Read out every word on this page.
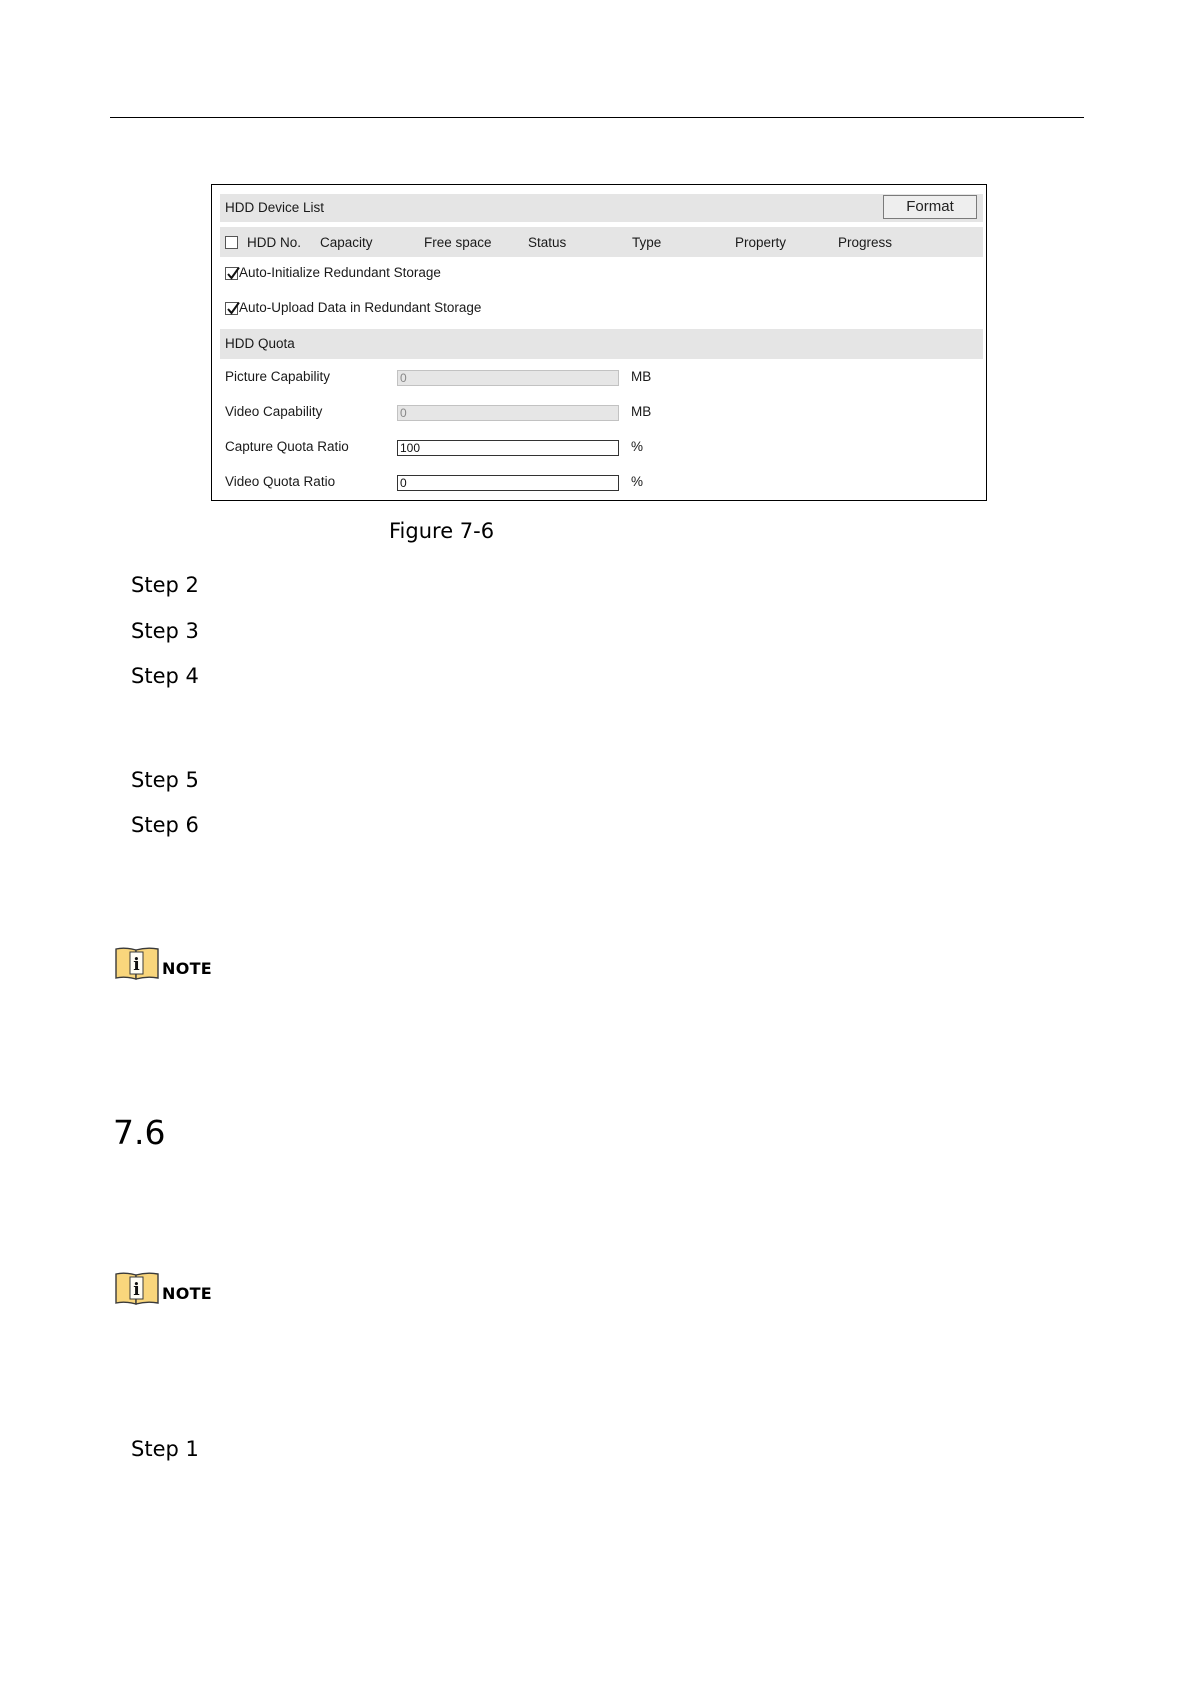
HDD Device List	Format
HDD No. Capacity	Free space	Status	Type	Property	Progress
Auto-Initialize Redundant Storage
Auto-Upload Data in Redundant Storage
HDD Quota
Picture Capability	0	MB
Video Capability	0	MB
Capture Quota Ratio	100	%
Video Quota Ratio	0	%
Figure 7-6
Step 2
Step 3
Step 4
Step 5
Step 6
i NOTE
7.6
i NOTE
Step 1
